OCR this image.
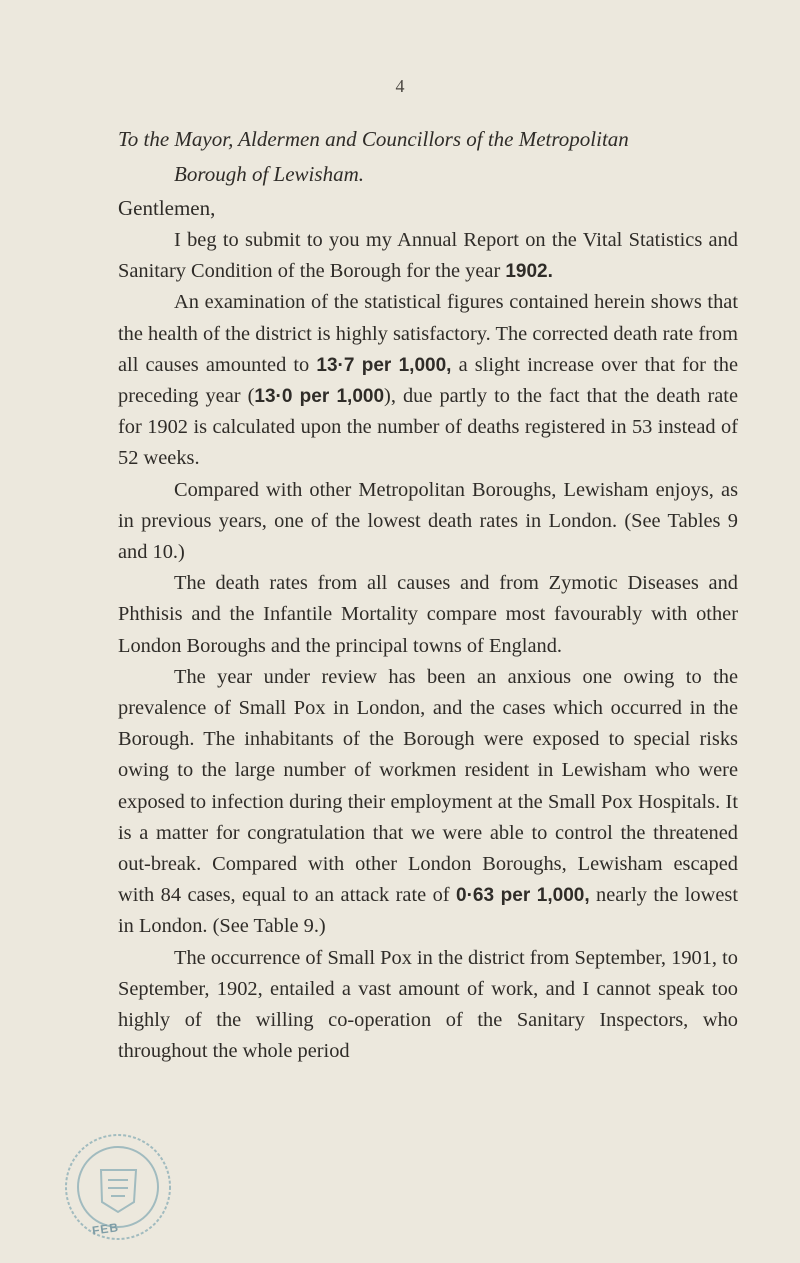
4
To the Mayor, Aldermen and Councillors of the Metropolitan
Borough of Lewisham.
Gentlemen,

I beg to submit to you my Annual Report on the Vital Statistics and Sanitary Condition of the Borough for the year 1902.

An examination of the statistical figures contained herein shows that the health of the district is highly satisfactory. The corrected death rate from all causes amounted to 13·7 per 1,000, a slight increase over that for the preceding year (13·0 per 1,000), due partly to the fact that the death rate for 1902 is calculated upon the number of deaths registered in 53 instead of 52 weeks.

Compared with other Metropolitan Boroughs, Lewisham enjoys, as in previous years, one of the lowest death rates in London. (See Tables 9 and 10.)

The death rates from all causes and from Zymotic Diseases and Phthisis and the Infantile Mortality compare most favourably with other London Boroughs and the principal towns of England.

The year under review has been an anxious one owing to the prevalence of Small Pox in London, and the cases which occurred in the Borough. The inhabitants of the Borough were exposed to special risks owing to the large number of workmen resident in Lewisham who were exposed to infection during their employment at the Small Pox Hospitals. It is a matter for congratulation that we were able to control the threatened out-break. Compared with other London Boroughs, Lewisham escaped with 84 cases, equal to an attack rate of 0·63 per 1,000, nearly the lowest in London. (See Table 9.)

The occurrence of Small Pox in the district from September, 1901, to September, 1902, entailed a vast amount of work, and I cannot speak too highly of the willing co-operation of the Sanitary Inspectors, who throughout the whole period

FEB
